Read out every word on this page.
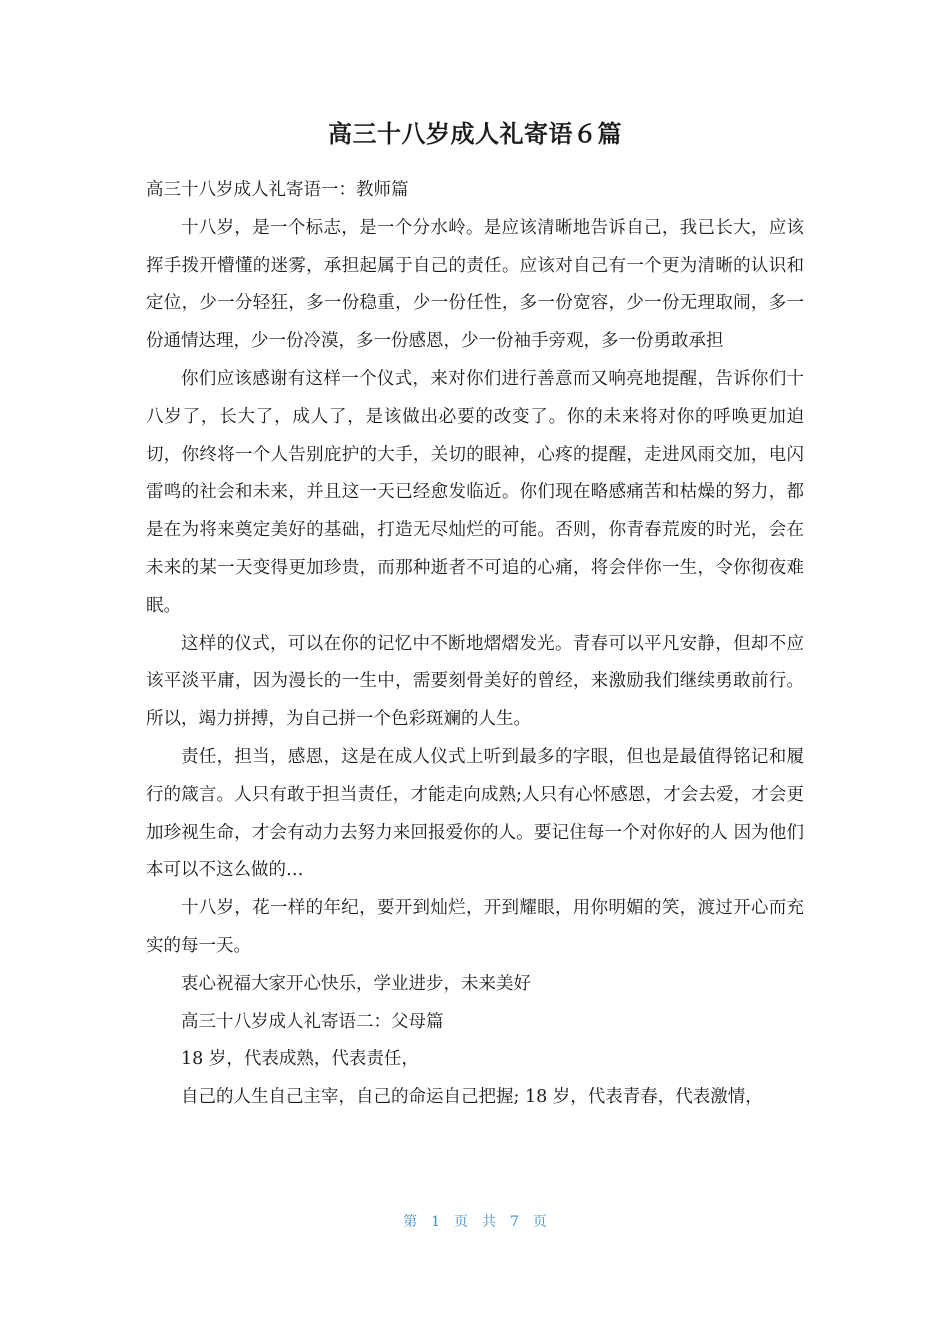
高三十八岁成人礼寄语６篇

高三十八岁成人礼寄语一：教师篇

十八岁，是一个标志，是一个分水岭。是应该清晰地告诉自己，我已长大，应该挥手拨开懵懂的迷雾，承担起属于自己的责任。应该对自己有一个更为清晰的认识和定位，少一分轻狂，多一份稳重，少一份任性，多一份宽容，少一份无理取闹，多一份通情达理，少一份冷漠，多一份感恩，少一份袖手旁观，多一份勇敢承担

你们应该感谢有这样一个仪式，来对你们进行善意而又响亮地提醒，告诉你们十八岁了，长大了，成人了，是该做出必要的改变了。你的未来将对你的呼唤更加迫切，你终将一个人告别庇护的大手，关切的眼神，心疼的提醒，走进风雨交加，电闪雷鸣的社会和未来，并且这一天已经愈发临近。你们现在略感痛苦和枯燥的努力，都是在为将来奠定美好的基础，打造无尽灿烂的可能。否则，你青春荒废的时光，会在未来的某一天变得更加珍贵，而那种逝者不可追的心痛，将会伴你一生，令你彻夜难眠。

这样的仪式，可以在你的记忆中不断地熠熠发光。青春可以平凡安静，但却不应该平淡平庸，因为漫长的一生中，需要刻骨美好的曾经，来激励我们继续勇敢前行。所以，竭力拼搏，为自己拼一个色彩斑斓的人生。

责任，担当，感恩，这是在成人仪式上听到最多的字眼，但也是最值得铭记和履行的箴言。人只有敢于担当责任，才能走向成熟;人只有心怀感恩，才会去爱，才会更加珍视生命，才会有动力去努力来回报爱你的人。要记住每一个对你好的人 因为他们本可以不这么做的…

十八岁，花一样的年纪，要开到灿烂，开到耀眼，用你明媚的笑，渡过开心而充实的每一天。

衷心祝福大家开心快乐，学业进步，未来美好

高三十八岁成人礼寄语二：父母篇

18 岁，代表成熟，代表责任，

自己的人生自己主宰，自己的命运自己把握; 18 岁，代表青春，代表激情，

第　1　页　共　7　页
